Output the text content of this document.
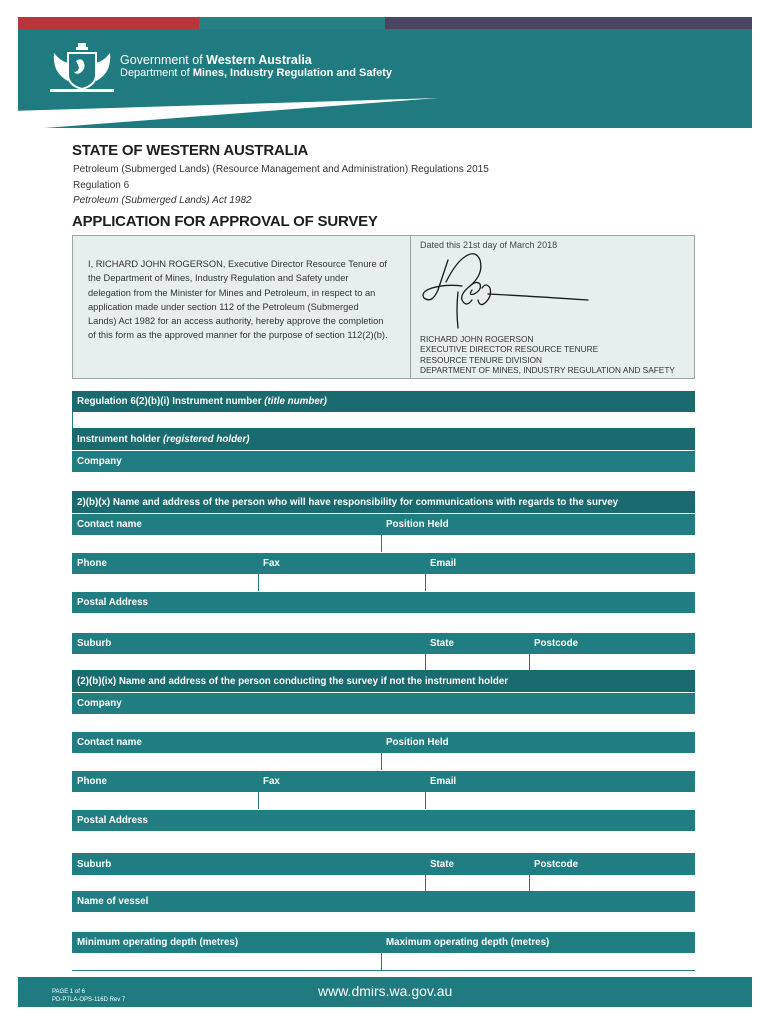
Government of Western Australia
Department of Mines, Industry Regulation and Safety
STATE OF WESTERN AUSTRALIA
Petroleum (Submerged Lands) (Resource Management and Administration) Regulations 2015
Regulation 6
Petroleum (Submerged Lands) Act 1982
APPLICATION FOR APPROVAL OF SURVEY
I, RICHARD JOHN ROGERSON, Executive Director Resource Tenure of the Department of Mines, Industry Regulation and Safety under delegation from the Minister for Mines and Petroleum, in respect to an application made under section 112 of the Petroleum (Submerged Lands) Act 1982 for an access authority, hereby approve the completion of this form as the approved manner for the purpose of section 112(2)(b).
Dated this 21st day of March 2018
RICHARD JOHN ROGERSON
EXECUTIVE DIRECTOR RESOURCE TENURE
RESOURCE TENURE DIVISION
DEPARTMENT OF MINES, INDUSTRY REGULATION AND SAFETY
Regulation 6(2)(b)(i) Instrument number
(title number)
Instrument holder
(registered holder)
Company
2)(b)(x) Name and address of the person who will have responsibility for communications with regards to the survey
Contact name	Position Held
Phone	Fax	Email
Postal Address
Suburb	State	Postcode
(2)(b)(ix) Name and address of the person conducting the survey if not the instrument holder
Company
Contact name	Position Held
Phone	Fax	Email
Postal Address
Suburb	State	Postcode
Name of vessel
Minimum operating depth (metres)	Maximum operating depth (metres)
PAGE 1 of 6
PD-PTLA-OPS-116D Rev 7
www.dmirs.wa.gov.au
